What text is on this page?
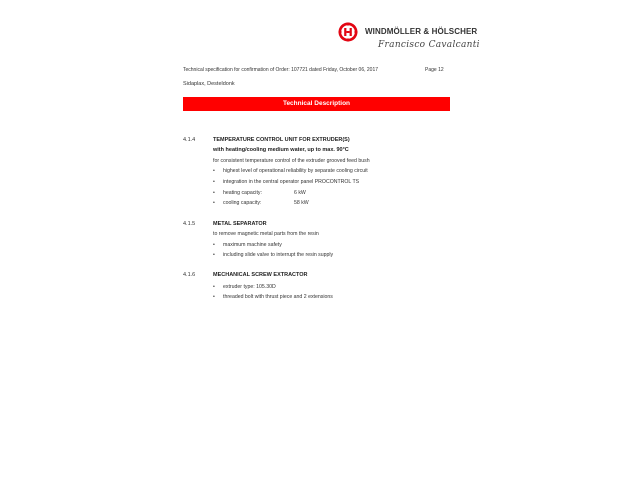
WINDMÖLLER & HÖLSCHER
Francisco Cavalcanti
Technical specification for confirmation of Order: 107721 dated Friday, October 06, 2017	Page 12
Sidaplax, Desteldonk
Technical Description
4.1.4	TEMPERATURE CONTROL UNIT FOR EXTRUDER(S)
with heating/cooling medium water, up to max. 90°C
for consistent temperature control of the extruder grooved feed bush
• highest level of operational reliability by separate cooling circuit
• integration in the central operator panel PROCONTROL TS
• heating capacity:	6 kW
• cooling capacity:	58 kW
4.1.5	METAL SEPARATOR
to remove magnetic metal parts from the resin
• maximum machine safety
• including slide valve to interrupt the resin supply
4.1.6	MECHANICAL SCREW EXTRACTOR
• extruder type: 105.30D
• threaded bolt with thrust piece and 2 extensions
